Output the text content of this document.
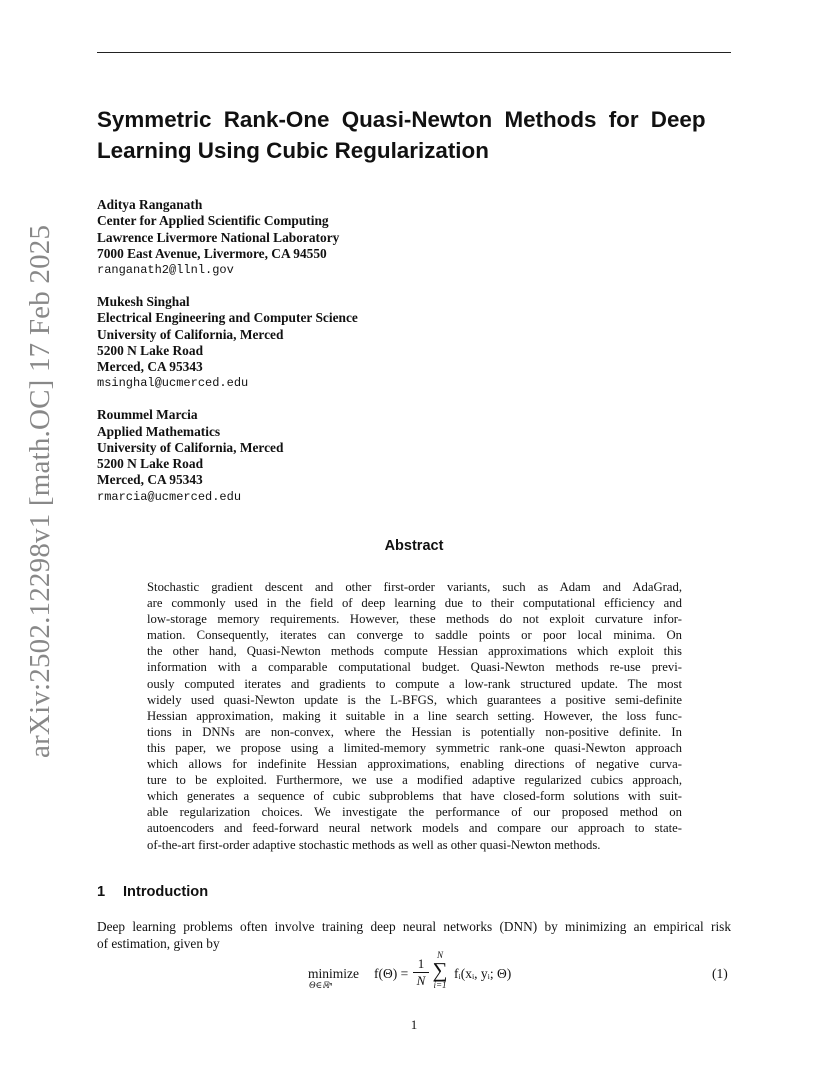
arXiv:2502.12298v1 [math.OC] 17 Feb 2025
Symmetric Rank-One Quasi-Newton Methods for Deep
Learning Using Cubic Regularization
Aditya Ranganath
Center for Applied Scientific Computing
Lawrence Livermore National Laboratory
7000 East Avenue, Livermore, CA 94550
ranganath2@llnl.gov
Mukesh Singhal
Electrical Engineering and Computer Science
University of California, Merced
5200 N Lake Road
Merced, CA 95343
msinghal@ucmerced.edu
Roummel Marcia
Applied Mathematics
University of California, Merced
5200 N Lake Road
Merced, CA 95343
rmarcia@ucmerced.edu
Abstract
Stochastic gradient descent and other first-order variants, such as Adam and AdaGrad,
are commonly used in the field of deep learning due to their computational efficiency and
low-storage memory requirements. However, these methods do not exploit curvature infor-
mation. Consequently, iterates can converge to saddle points or poor local minima. On
the other hand, Quasi-Newton methods compute Hessian approximations which exploit this
information with a comparable computational budget. Quasi-Newton methods re-use previ-
ously computed iterates and gradients to compute a low-rank structured update. The most
widely used quasi-Newton update is the L-BFGS, which guarantees a positive semi-definite
Hessian approximation, making it suitable in a line search setting. However, the loss func-
tions in DNNs are non-convex, where the Hessian is potentially non-positive definite. In
this paper, we propose using a limited-memory symmetric rank-one quasi-Newton approach
which allows for indefinite Hessian approximations, enabling directions of negative curva-
ture to be exploited. Furthermore, we use a modified adaptive regularized cubics approach,
which generates a sequence of cubic subproblems that have closed-form solutions with suit-
able regularization choices. We investigate the performance of our proposed method on
autoencoders and feed-forward neural network models and compare our approach to state-
of-the-art first-order adaptive stochastic methods as well as other quasi-Newton methods.
1 Introduction
Deep learning problems often involve training deep neural networks (DNN) by minimizing an empirical risk
of estimation, given by
minimize
Θ∈ℝⁿ
f(Θ) =
1
N
N
∑
i=1
fᵢ(xᵢ, yᵢ; Θ)	(1)
1
